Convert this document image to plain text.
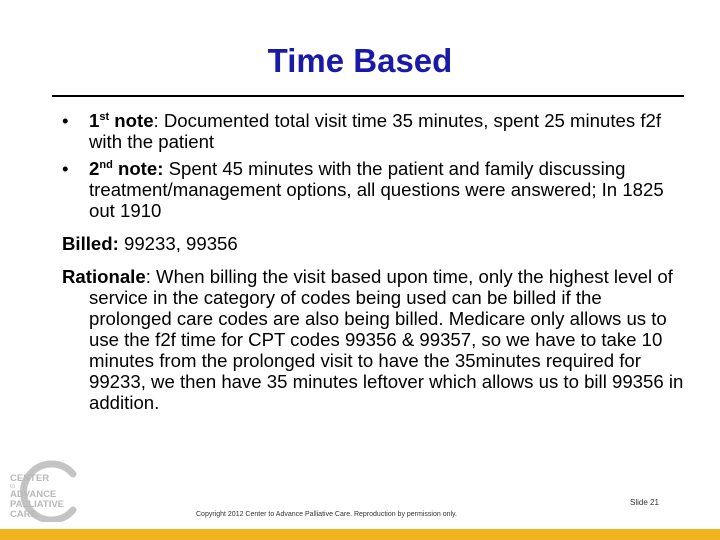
Time Based
• 1st note: Documented total visit time 35 minutes, spent 25 minutes f2f with the patient
• 2nd note: Spent 45 minutes with the patient and family discussing treatment/management options, all questions were answered; In 1825 out 1910

Billed: 99233, 99356

Rationale: When billing the visit based upon time, only the highest level of service in the category of codes being used can be billed if the prolonged care codes are also being billed. Medicare only allows us to use the f2f time for CPT codes 99356 & 99357, so we have to take 10 minutes from the prolonged visit to have the 35minutes required for 99233, we then have 35 minutes leftover which allows us to bill 99356 in addition.

CENTER
to
ADVANCE
PALLIATIVE
CARE
Slide 21
Copyright 2012 Center to Advance Palliative Care. Reproduction by permission only.
